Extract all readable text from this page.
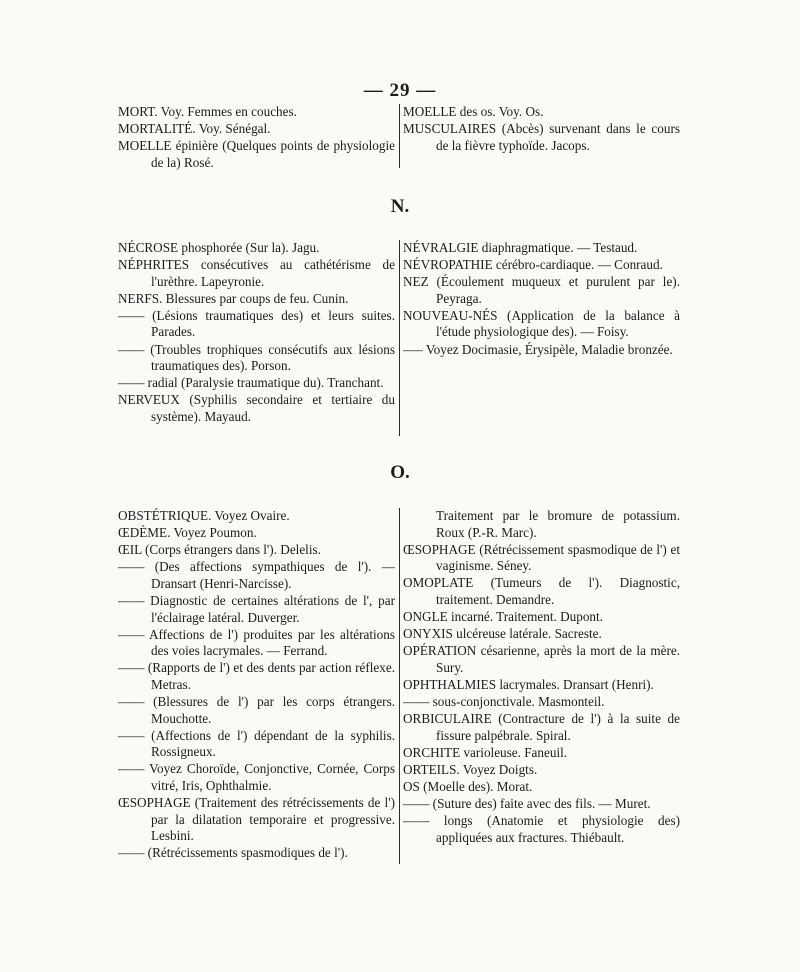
— 29 —
MORT. Voy. Femmes en couches.
MORTALITÉ. Voy. Sénégal.
MOELLE épinière (Quelques points de physiologie de la) Rosé.
MOELLE des os. Voy. Os.
MUSCULAIRES (Abcès) survenant dans le cours de la fièvre typhoïde. Jacops.
N.
NÉCROSE phosphorée (Sur la). Jagu.
NÉPHRITES consécutives au cathétérisme de l'urèthre. Lapeyronie.
NERFS. Blessures par coups de feu. Cunin.
—— (Lésions traumatiques des) et leurs suites. Parades.
—— (Troubles trophiques consécutifs aux lésions traumatiques des). Porson.
—— radial (Paralysie traumatique du). Tranchant.
NERVEUX (Syphilis secondaire et tertiaire du système). Mayaud.
NÉVRALGIE diaphragmatique. — Testaud.
NÉVROPATHIE cérébro-cardiaque. — Conraud.
NEZ (Écoulement muqueux et purulent par le). Peyraga.
NOUVEAU-NÉS (Application de la balance à l'étude physiologique des). — Foisy.
—– Voyez Docimasie, Érysipèle, Maladie bronzée.
O.
OBSTÉTRIQUE. Voyez Ovaire.
ŒDÈME. Voyez Poumon.
ŒIL (Corps étrangers dans l'). Delelis.
—— (Des affections sympathiques de l'). — Dransart (Henri-Narcisse).
—— Diagnostic de certaines altérations de l', par l'éclairage latéral. Duverger.
—— Affections de l') produites par les altérations des voies lacrymales. — Ferrand.
—— (Rapports de l') et des dents par action réflexe. Metras.
—— (Blessures de l') par les corps étrangers. Mouchotte.
—— (Affections de l') dépendant de la syphilis. Rossigneux.
—— Voyez Choroïde, Conjonctive, Cornée, Corps vitré, Iris, Ophthalmie.
ŒSOPHAGE (Traitement des rétrécissements de l') par la dilatation temporaire et progressive. Lesbini.
—— (Rétrécissements spasmodiques de l').
Traitement par le bromure de potassium. Roux (P.-R. Marc).
ŒSOPHAGE (Rétrécissement spasmodique de l') et vaginisme. Séney.
OMOPLATE (Tumeurs de l'). Diagnostic, traitement. Demandre.
ONGLE incarné. Traitement. Dupont.
ONYXIS ulcéreuse latérale. Sacreste.
OPÉRATION césarienne, après la mort de la mère. Sury.
OPHTHALMIES lacrymales. Dransart (Henri).
—— sous-conjonctivale. Masmonteil.
ORBICULAIRE (Contracture de l') à la suite de fissure palpébrale. Spiral.
ORCHITE varioleuse. Faneuil.
ORTEILS. Voyez Doigts.
OS (Moelle des). Morat.
—— (Suture des) faite avec des fils. — Muret.
—— longs (Anatomie et physiologie des) appliquées aux fractures. Thiébault.
